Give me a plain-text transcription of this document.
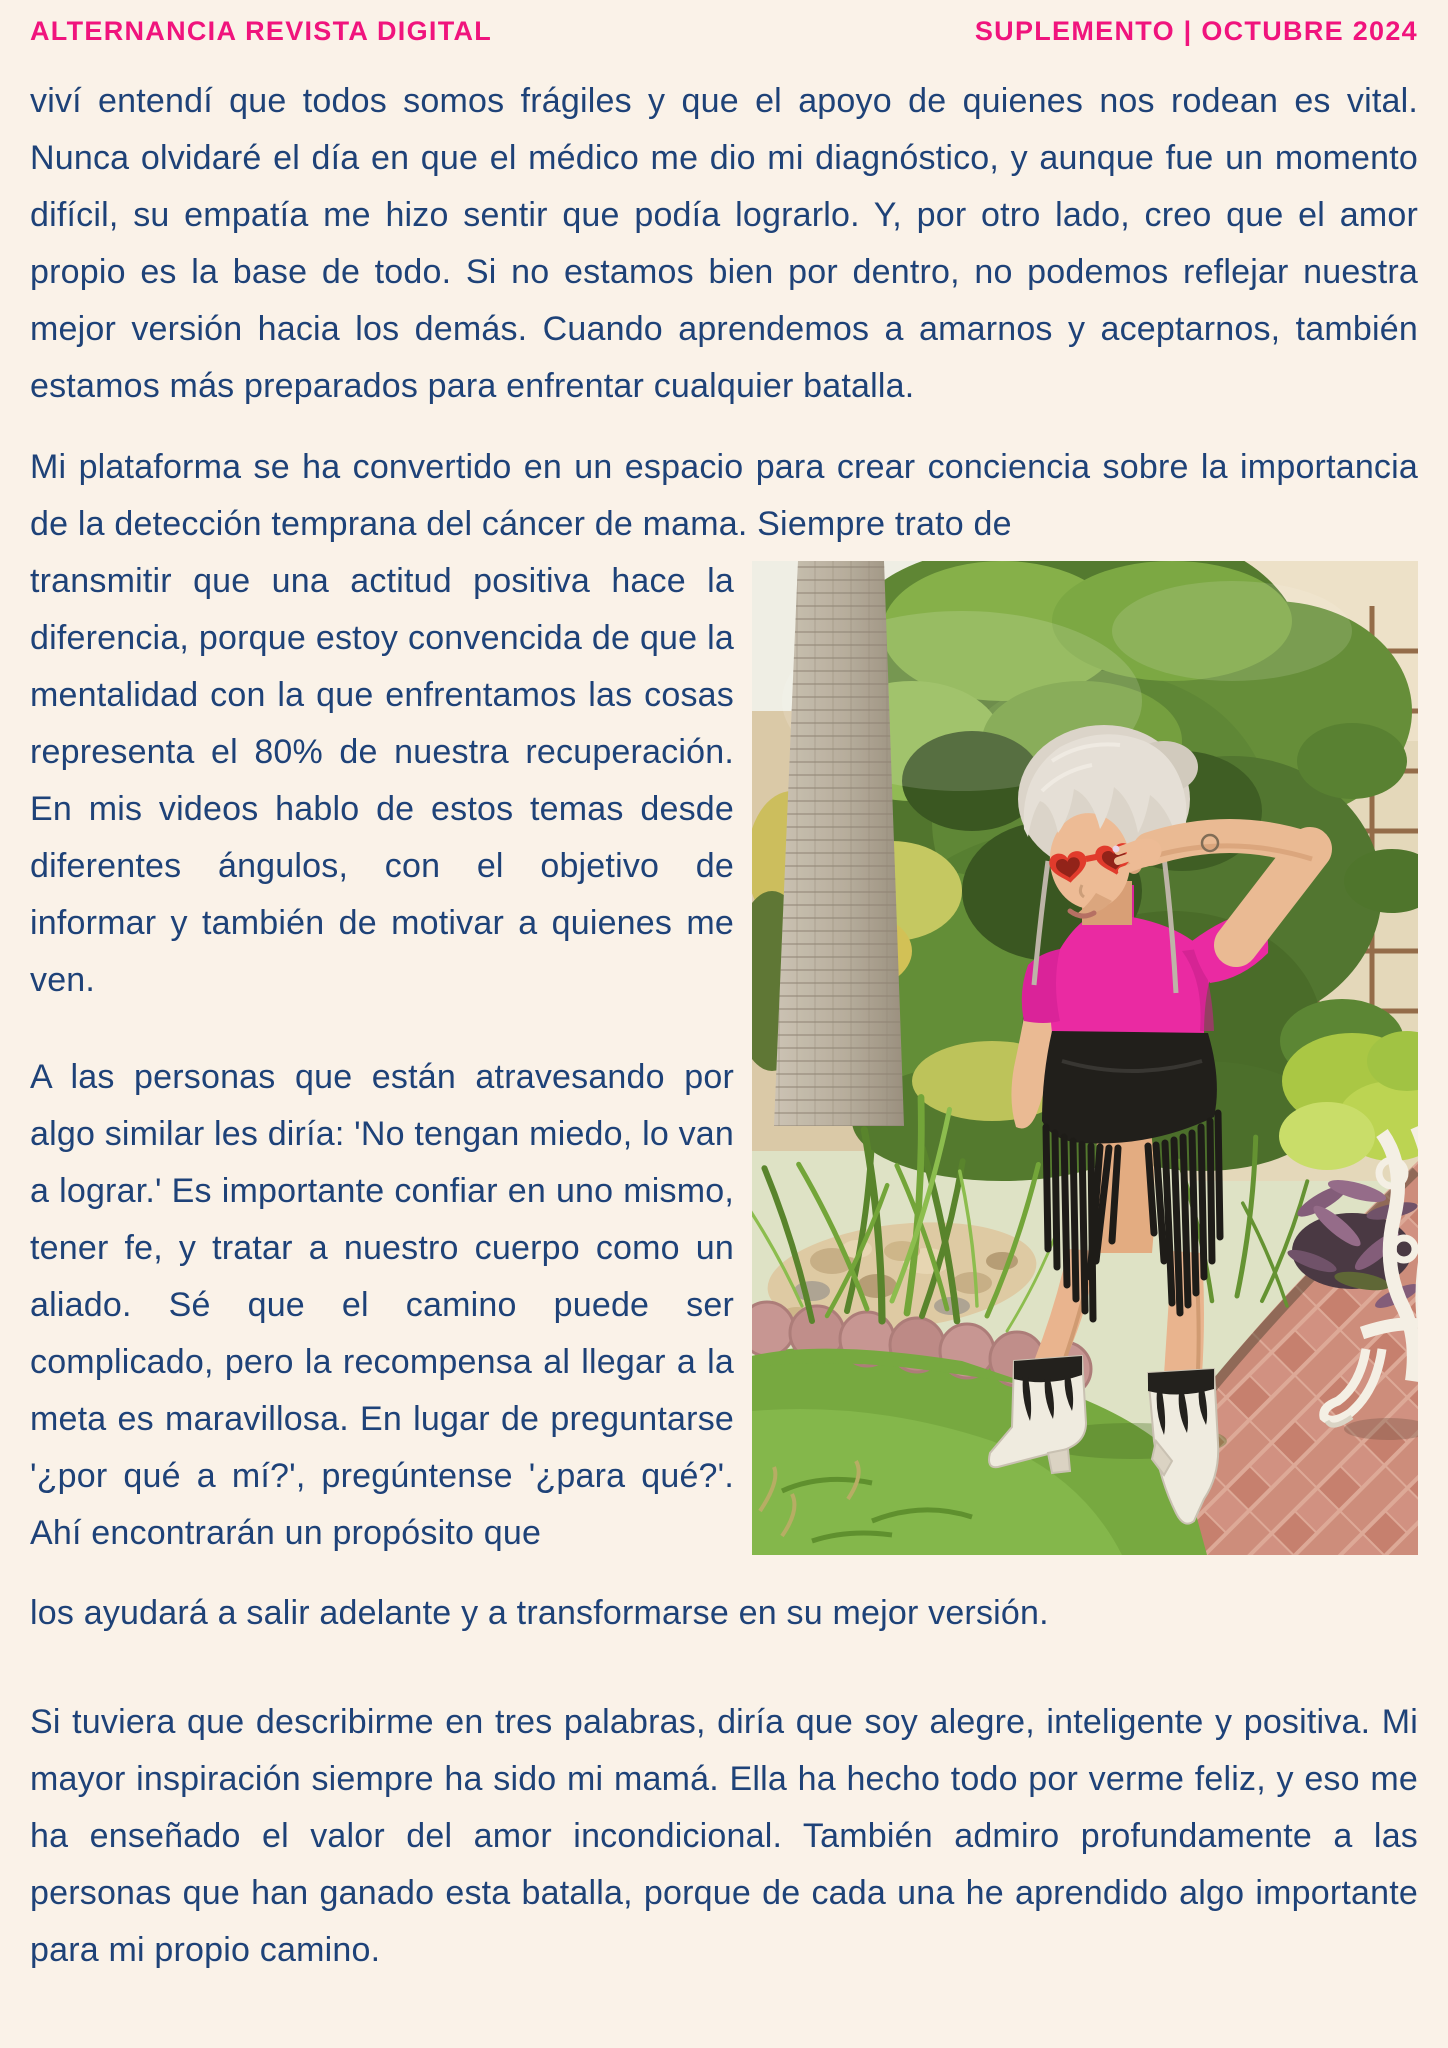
ALTERNANCIA REVISTA DIGITAL	SUPLEMENTO | OCTUBRE 2024

viví entendí que todos somos frágiles y que el apoyo de quienes nos rodean es vital. Nunca olvidaré el día en que el médico me dio mi diagnóstico, y aunque fue un momento difícil, su empatía me hizo sentir que podía lograrlo. Y, por otro lado, creo que el amor propio es la base de todo. Si no estamos bien por dentro, no podemos reflejar nuestra mejor versión hacia los demás. Cuando aprendemos a amarnos y aceptarnos, también estamos más preparados para enfrentar cualquier batalla.

Mi plataforma se ha convertido en un espacio para crear conciencia sobre la importancia de la detección temprana del cáncer de mama. Siempre trato de

transmitir que una actitud positiva hace la diferencia, porque estoy convencida de que la mentalidad con la que enfrentamos las cosas representa el 80% de nuestra recuperación. En mis videos hablo de estos temas desde diferentes ángulos, con el objetivo de informar y también de motivar a quienes me ven.

A las personas que están atravesando por algo similar les diría: 'No tengan miedo, lo van a lograr.' Es importante confiar en uno mismo, tener fe, y tratar a nuestro cuerpo como un aliado. Sé que el camino puede ser complicado, pero la recompensa al llegar a la meta es maravillosa. En lugar de preguntarse '¿por qué a mí?', pregúntense '¿para qué?'. Ahí encontrarán un propósito que

los ayudará a salir adelante y a transformarse en su mejor versión.

Si tuviera que describirme en tres palabras, diría que soy alegre, inteligente y positiva. Mi mayor inspiración siempre ha sido mi mamá. Ella ha hecho todo por verme feliz, y eso me ha enseñado el valor del amor incondicional. También admiro profundamente a las personas que han ganado esta batalla, porque de cada una he aprendido algo importante para mi propio camino.
